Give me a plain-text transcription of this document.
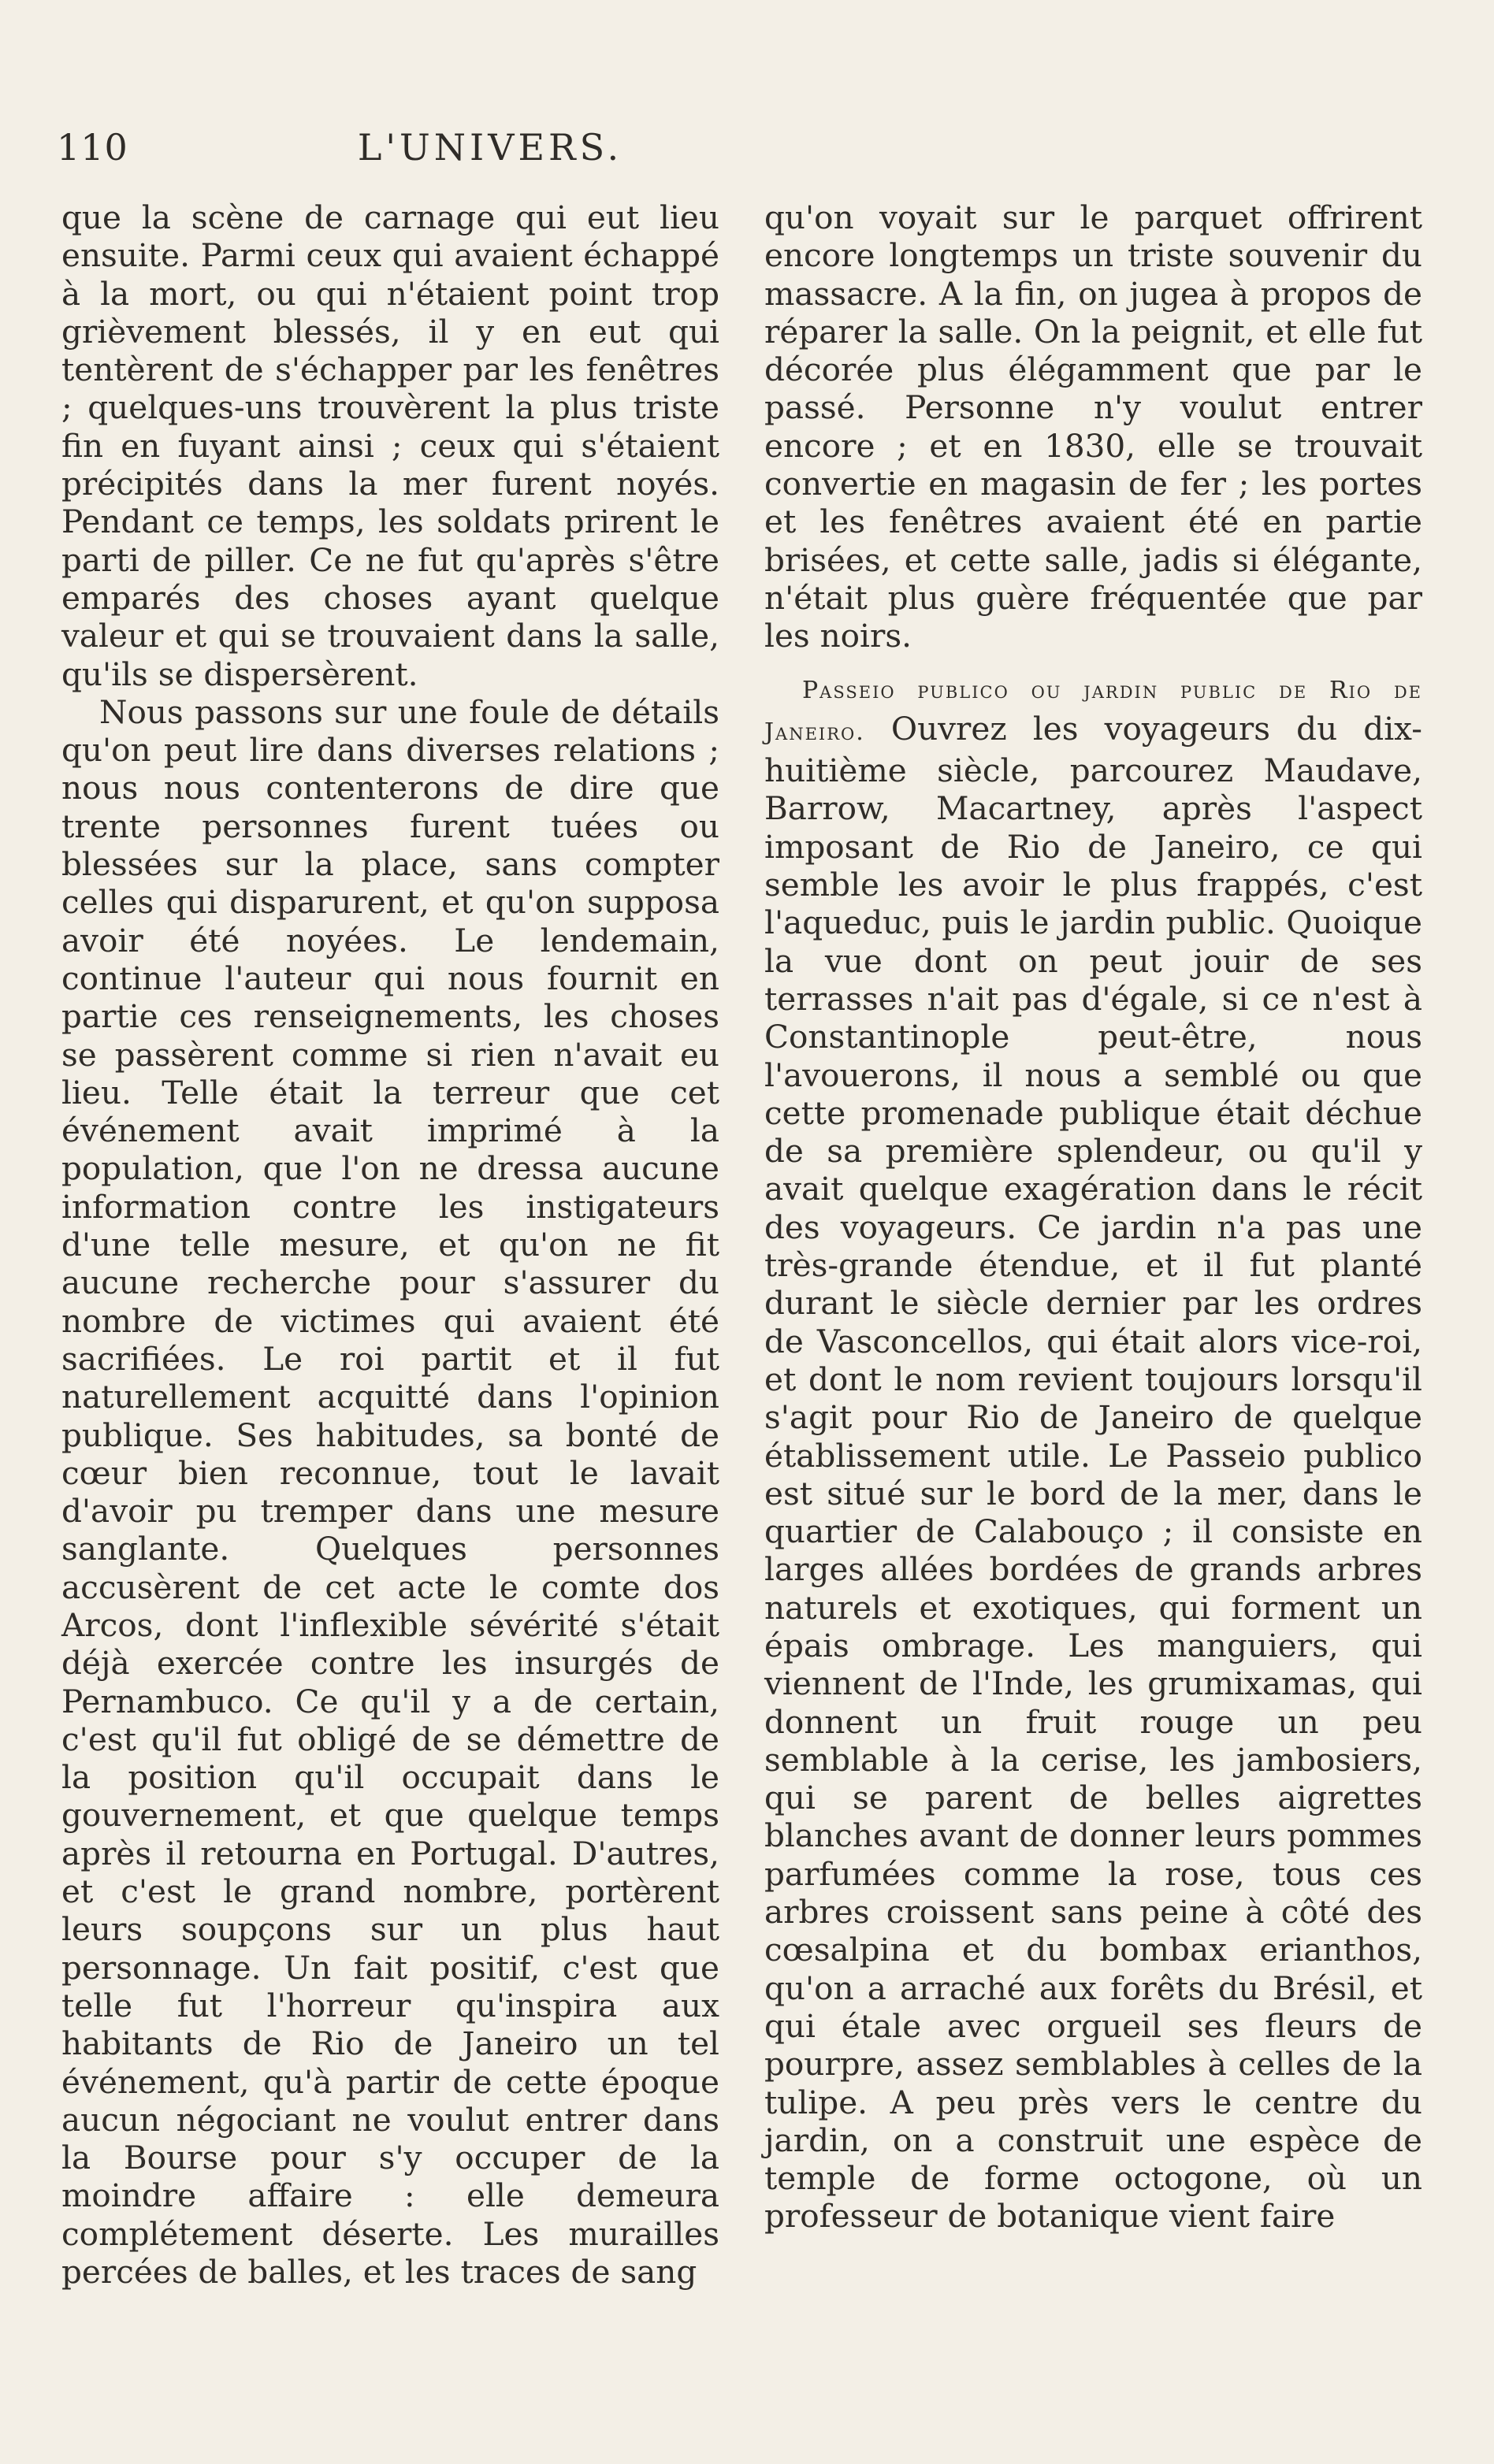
110	L'UNIVERS.

que la scène de carnage qui eut lieu ensuite. Parmi ceux qui avaient échappé à la mort, ou qui n'étaient point trop grièvement blessés, il y en eut qui tentèrent de s'échapper par les fenêtres ; quelques-uns trouvèrent la plus triste fin en fuyant ainsi ; ceux qui s'étaient précipités dans la mer furent noyés. Pendant ce temps, les soldats prirent le parti de piller. Ce ne fut qu'après s'être emparés des choses ayant quelque valeur et qui se trouvaient dans la salle, qu'ils se dispersèrent.

Nous passons sur une foule de détails qu'on peut lire dans diverses relations ; nous nous contenterons de dire que trente personnes furent tuées ou blessées sur la place, sans compter celles qui disparurent, et qu'on supposa avoir été noyées. Le lendemain, continue l'auteur qui nous fournit en partie ces renseignements, les choses se passèrent comme si rien n'avait eu lieu. Telle était la terreur que cet événement avait imprimé à la population, que l'on ne dressa aucune information contre les instigateurs d'une telle mesure, et qu'on ne fit aucune recherche pour s'assurer du nombre de victimes qui avaient été sacrifiées. Le roi partit et il fut naturellement acquitté dans l'opinion publique. Ses habitudes, sa bonté de cœur bien reconnue, tout le lavait d'avoir pu tremper dans une mesure sanglante. Quelques personnes accusèrent de cet acte le comte dos Arcos, dont l'inflexible sévérité s'était déjà exercée contre les insurgés de Pernambuco. Ce qu'il y a de certain, c'est qu'il fut obligé de se démettre de la position qu'il occupait dans le gouvernement, et que quelque temps après il retourna en Portugal. D'autres, et c'est le grand nombre, portèrent leurs soupçons sur un plus haut personnage. Un fait positif, c'est que telle fut l'horreur qu'inspira aux habitants de Rio de Janeiro un tel événement, qu'à partir de cette époque aucun négociant ne voulut entrer dans la Bourse pour s'y occuper de la moindre affaire : elle demeura complétement déserte. Les murailles percées de balles, et les traces de sang

qu'on voyait sur le parquet offrirent encore longtemps un triste souvenir du massacre. A la fin, on jugea à propos de réparer la salle. On la peignit, et elle fut décorée plus élégamment que par le passé. Personne n'y voulut entrer encore ; et en 1830, elle se trouvait convertie en magasin de fer ; les portes et les fenêtres avaient été en partie brisées, et cette salle, jadis si élégante, n'était plus guère fréquentée que par les noirs.

Passeio publico ou jardin public de Rio de Janeiro. Ouvrez les voyageurs du dix-huitième siècle, parcourez Maudave, Barrow, Macartney, après l'aspect imposant de Rio de Janeiro, ce qui semble les avoir le plus frappés, c'est l'aqueduc, puis le jardin public. Quoique la vue dont on peut jouir de ses terrasses n'ait pas d'égale, si ce n'est à Constantinople peut-être, nous l'avouerons, il nous a semblé ou que cette promenade publique était déchue de sa première splendeur, ou qu'il y avait quelque exagération dans le récit des voyageurs. Ce jardin n'a pas une très-grande étendue, et il fut planté durant le siècle dernier par les ordres de Vasconcellos, qui était alors vice-roi, et dont le nom revient toujours lorsqu'il s'agit pour Rio de Janeiro de quelque établissement utile. Le Passeio publico est situé sur le bord de la mer, dans le quartier de Calabouço ; il consiste en larges allées bordées de grands arbres naturels et exotiques, qui forment un épais ombrage. Les manguiers, qui viennent de l'Inde, les grumixamas, qui donnent un fruit rouge un peu semblable à la cerise, les jambosiers, qui se parent de belles aigrettes blanches avant de donner leurs pommes parfumées comme la rose, tous ces arbres croissent sans peine à côté des cœsalpina et du bombax erianthos, qu'on a arraché aux forêts du Brésil, et qui étale avec orgueil ses fleurs de pourpre, assez semblables à celles de la tulipe. A peu près vers le centre du jardin, on a construit une espèce de temple de forme octogone, où un professeur de botanique vient faire
